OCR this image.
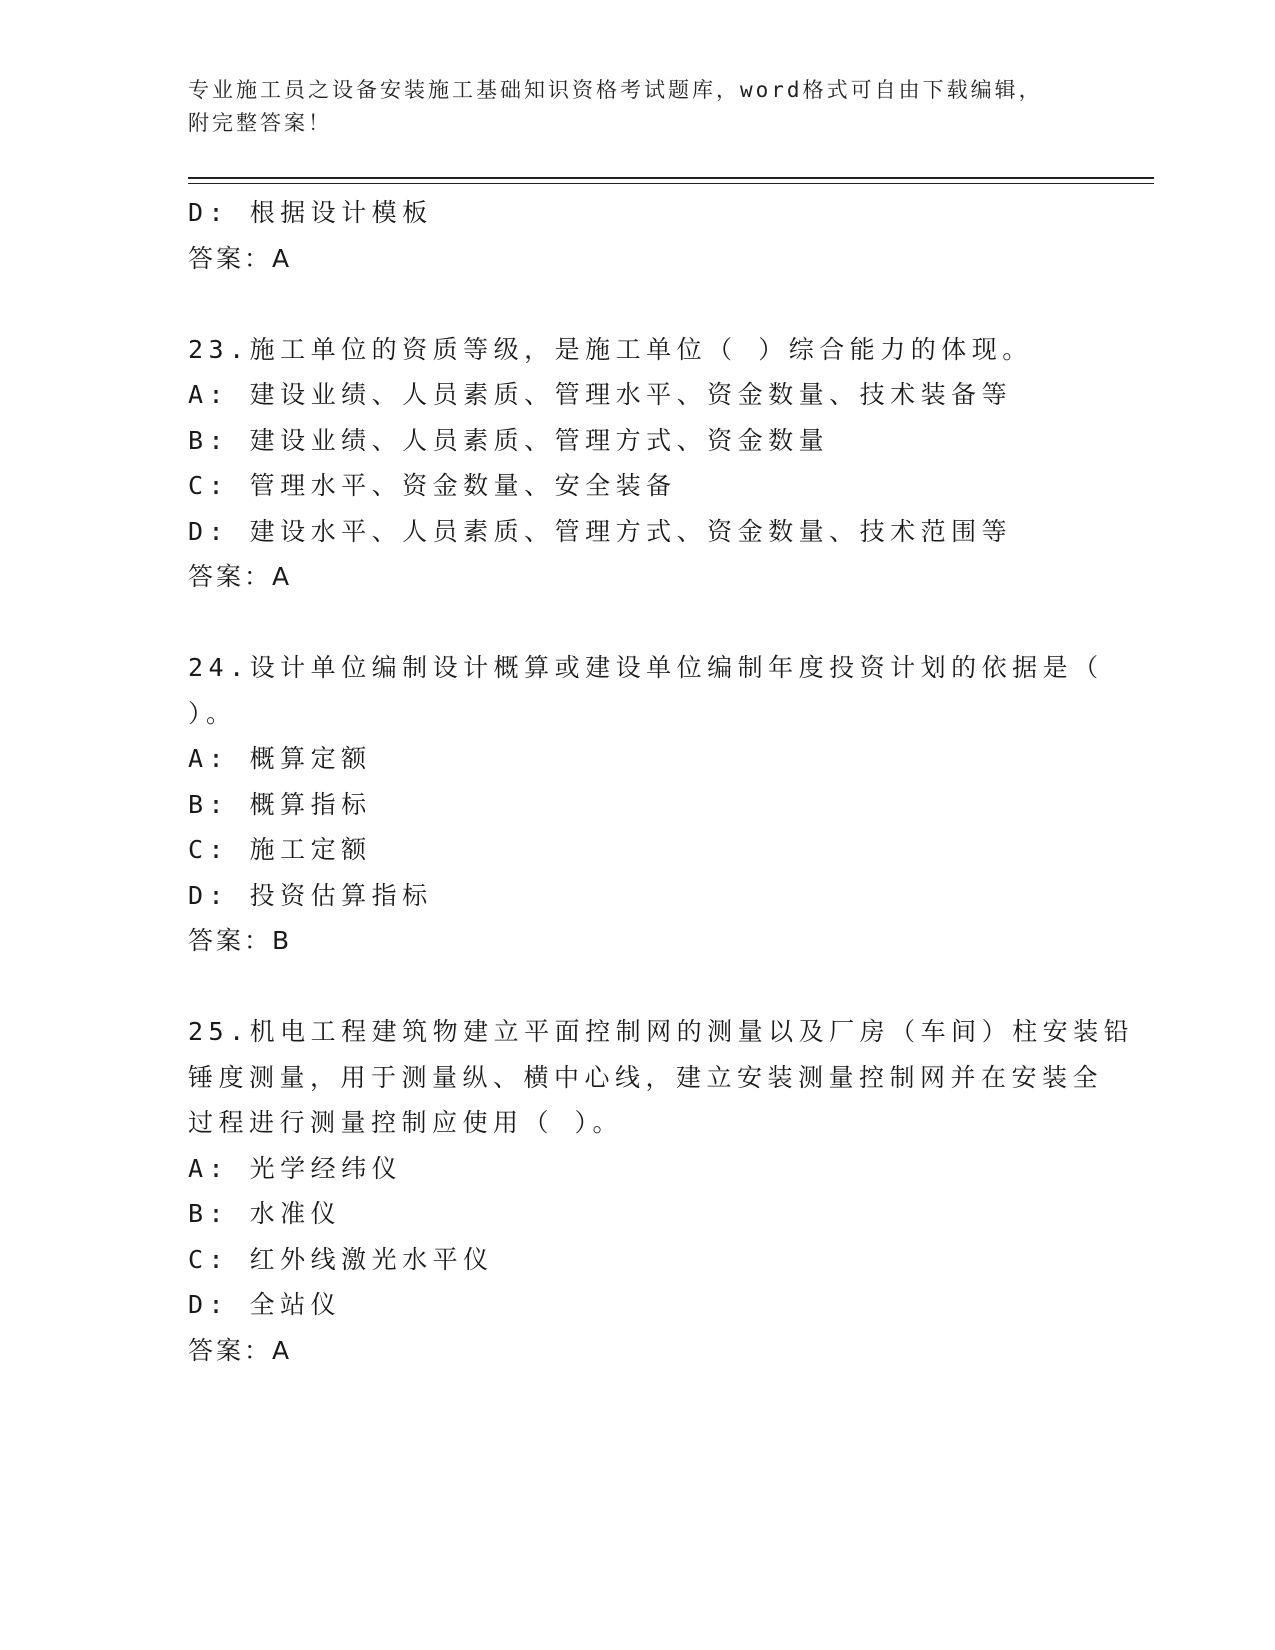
专业施工员之设备安装施工基础知识资格考试题库，word格式可自由下载编辑，
附完整答案！
D: 根据设计模板
答案：A
23.施工单位的资质等级，是施工单位（ ）综合能力的体现。
A: 建设业绩、人员素质、管理水平、资金数量、技术装备等
B: 建设业绩、人员素质、管理方式、资金数量
C: 管理水平、资金数量、安全装备
D: 建设水平、人员素质、管理方式、资金数量、技术范围等
答案：A
24.设计单位编制设计概算或建设单位编制年度投资计划的依据是（
）。
A: 概算定额
B: 概算指标
C: 施工定额
D: 投资估算指标
答案：B
25.机电工程建筑物建立平面控制网的测量以及厂房（车间）柱安装铅
锤度测量，用于测量纵、横中心线，建立安装测量控制网并在安装全
过程进行测量控制应使用（ ）。
A: 光学经纬仪
B: 水准仪
C: 红外线激光水平仪
D: 全站仪
答案：A
